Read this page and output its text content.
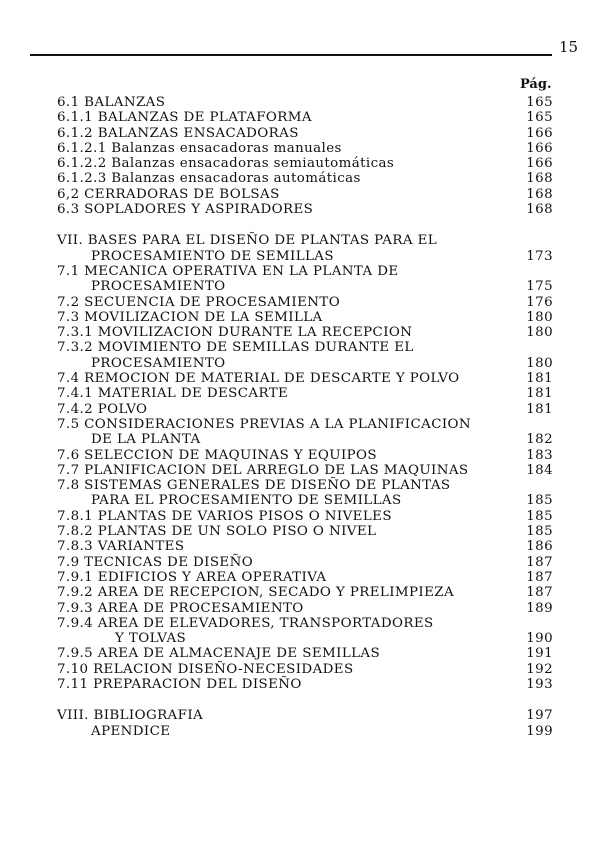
15
Pág.
6.1 BALANZAS	165
6.1.1 BALANZAS DE PLATAFORMA	165
6.1.2 BALANZAS ENSACADORAS	166
6.1.2.1 Balanzas ensacadoras manuales	166
6.1.2.2 Balanzas ensacadoras semiautomáticas	166
6.1.2.3 Balanzas ensacadoras automáticas	168
6,2 CERRADORAS DE BOLSAS	168
6.3 SOPLADORES Y ASPIRADORES	168
VII. BASES PARA EL DISEÑO DE PLANTAS PARA EL
PROCESAMIENTO DE SEMILLAS	173
7.1 MECANICA OPERATIVA EN LA PLANTA DE
PROCESAMIENTO	175
7.2 SECUENCIA DE PROCESAMIENTO	176
7.3 MOVILIZACION DE LA SEMILLA	180
7.3.1 MOVILIZACION DURANTE LA RECEPCION	180
7.3.2 MOVIMIENTO DE SEMILLAS DURANTE EL
PROCESAMIENTO	180
7.4 REMOCION DE MATERIAL DE DESCARTE Y POLVO	181
7.4.1 MATERIAL DE DESCARTE	181
7.4.2 POLVO	181
7.5 CONSIDERACIONES PREVIAS A LA PLANIFICACION
DE LA PLANTA	182
7.6 SELECCION DE MAQUINAS Y EQUIPOS	183
7.7 PLANIFICACION DEL ARREGLO DE LAS MAQUINAS	184
7.8 SISTEMAS GENERALES DE DISEÑO DE PLANTAS
PARA EL PROCESAMIENTO DE SEMILLAS	185
7.8.1 PLANTAS DE VARIOS PISOS O NIVELES	185
7.8.2 PLANTAS DE UN SOLO PISO O NIVEL	185
7.8.3 VARIANTES	186
7.9 TECNICAS DE DISEÑO	187
7.9.1 EDIFICIOS Y AREA OPERATIVA	187
7.9.2 AREA DE RECEPCION, SECADO Y PRELIMPIEZA	187
7.9.3 AREA DE PROCESAMIENTO	189
7.9.4 AREA DE ELEVADORES, TRANSPORTADORES
Y TOLVAS	190
7.9.5 AREA DE ALMACENAJE DE SEMILLAS	191
7.10 RELACION DISEÑO-NECESIDADES	192
7.11 PREPARACION DEL DISEÑO	193
VIII. BIBLIOGRAFIA	197
APENDICE	199
